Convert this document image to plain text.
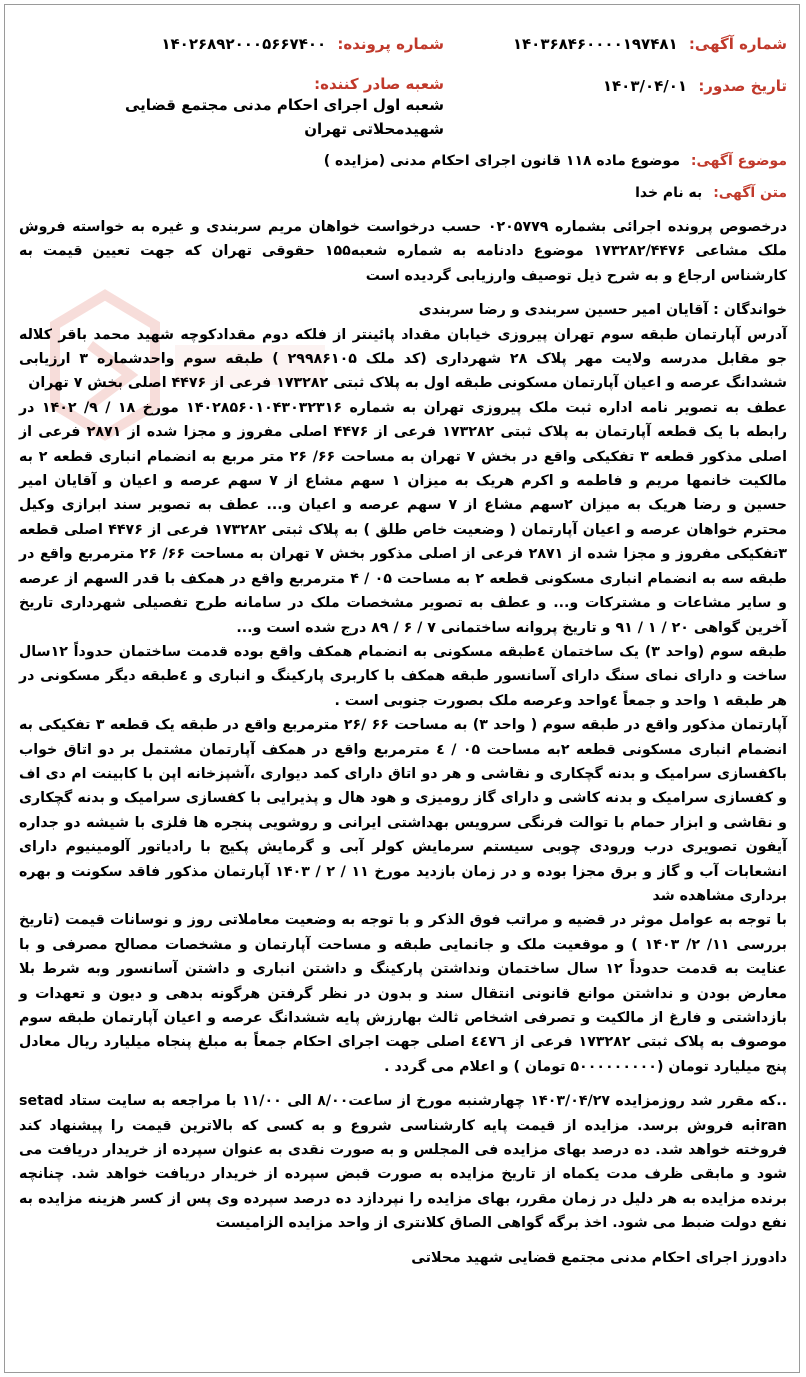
شماره آگهی: ۱۴۰۳۶۸۴۶۰۰۰۰۱۹۷۴۸۱
شماره پرونده: ۱۴۰۲۶۸۹۲۰۰۰۵۶۶۷۴۰۰
تاریخ صدور: ۱۴۰۳/۰۴/۰۱
شعبه صادر کننده: شعبه اول اجرای احکام مدنی مجتمع قضایی شهیدمحلاتی تهران
موضوع آگهی: موضوع ماده ۱۱۸ قانون اجرای احکام مدنی (مزایده )
متن آگهی: به نام خدا

درخصوص پرونده اجرائی بشماره ۰۲۰۵۷۷۹ حسب درخواست خواهان مریم سربندی و غیره به خواسته فروش ملک مشاعی ۱۷۳۲۸۲/۴۴۷۶ موضوع دادنامه به شماره شعبه۱۵۵ حقوقی تهران که جهت تعیین قیمت به کارشناس ارجاع و به شرح ذیل توصیف وارزیابی گردیده است

خواندگان : آقایان امیر حسین سربندی و رضا سربندی

آدرس آپارتمان طبقه سوم تهران پیروزی خیابان مقداد پائینتر از فلکه دوم مقدادکوچه شهید محمد باقر کلاله جو مقابل مدرسه ولایت مهر پلاک ۲۸ شهرداری (کد ملک ۲۹۹۸۶۱۰۵ ) طبقه سوم واحدشماره ۳ ارزیابی ششدانگ عرصه و اعیان آپارتمان مسکونی طبقه اول به پلاک ثبتی ۱۷۳۲۸۲ فرعی از ۴۴۷۶ اصلی بخش ۷ تهران

عطف به تصویر نامه اداره ثبت ملک پیروزی تهران به شماره ۱۴۰۲۸۵۶۰۱۰۴۳۰۳۲۳۱۶ مورخ ۱۸ / ۹/ ۱۴۰۲ در رابطه با یک قطعه آپارتمان به پلاک ثبتی ۱۷۳۲۸۲ فرعی از ۴۴۷۶ اصلی مفروز و مجزا شده از ۲۸۷۱ فرعی از اصلی مذکور قطعه ۳ تفکیکی واقع در بخش ۷ تهران به مساحت ۶۶/ ۲۶ متر مربع به انضمام انباری قطعه ۲ به مالکیت خانمها مریم و فاطمه و اکرم هریک به میزان ۱ سهم مشاع از ۷ سهم عرصه و اعیان و آقایان امیر حسین و رضا هریک به میزان ۲سهم مشاع از ۷ سهم عرصه و اعیان و... عطف به تصویر سند ابرازی وکیل محترم خواهان عرصه و اعیان آپارتمان ( وضعیت خاص طلق ) به پلاک ثبتی ۱۷۳۲۸۲ فرعی از ۴۴۷۶ اصلی قطعه ۳تفکیکی مفروز و مجزا شده از ۲۸۷۱ فرعی از اصلی مذکور بخش ۷ تهران به مساحت ۶۶/ ۲۶ مترمربع واقع در طبقه سه به انضمام انباری مسکونی قطعه ۲ به مساحت ۰۵ / ۴ مترمربع واقع در همکف با قدر السهم از عرصه و سایر مشاعات و مشترکات و... و عطف به تصویر مشخصات ملک در سامانه طرح تفصیلی شهرداری تاریخ آخرین گواهی ۲۰ / ۱ / ۹۱ و تاریخ پروانه ساختمانی ۷ / ۶ / ۸۹ درج شده است و...

طبقه سوم (واحد ۳) یک ساختمان ٤طبقه مسکونی به انضمام همکف واقع بوده قدمت ساختمان حدوداً ۱۲سال ساخت و دارای نمای سنگ دارای آسانسور طبقه همکف با کاربری پارکینگ و انباری و ٤طبقه دیگر مسکونی در هر طبقه ۱ واحد و جمعاً ٤واحد وعرصه ملک بصورت جنوبی است .

آپارتمان مذکور واقع در طبقه سوم ( واحد ۳) به مساحت ۶۶ /۲۶ مترمربع واقع در طبقه یک قطعه ۳ تفکیکی به انضمام انباری مسکونی قطعه ۲به مساحت ۰۵ / ٤ مترمربع واقع در همکف آپارتمان مشتمل بر دو اتاق خواب باکفسازی سرامیک و بدنه گچکاری و نقاشی و هر دو اتاق دارای کمد دیواری ،آشپزخانه اپن با کابینت ام دی اف و کفسازی سرامیک و بدنه کاشی و دارای گاز رومیزی و هود هال و پذیرایی با کفسازی سرامیک و بدنه گچکاری و نقاشی و ابزار حمام با توالت فرنگی سرویس بهداشتی ایرانی و روشویی پنجره ها فلزی با شیشه دو جداره آیفون تصویری درب ورودی چوبی سیستم سرمایش کولر آبی و گرمایش پکیج با رادیاتور آلومینیوم دارای انشعابات آب و گاز و برق مجزا بوده و در زمان بازدید مورخ ۱۱ / ۲ / ۱۴۰۳ آپارتمان مذکور فاقد سکونت و بهره برداری مشاهده شد

با توجه به عوامل موثر در قضیه و مراتب فوق الذکر و با توجه به وضعیت معاملاتی روز و نوسانات قیمت (تاریخ بررسی ۱۱/ ۲/ ۱۴۰۳ ) و موقعیت ملک و جانمایی طبقه و مساحت آپارتمان و مشخصات مصالح مصرفی و با عنایت به قدمت حدوداً ۱۲ سال ساختمان ونداشتن پارکینگ و داشتن انباری و داشتن آسانسور وبه شرط بلا معارض بودن و نداشتن موانع قانونی انتقال سند و بدون در نظر گرفتن هرگونه بدهی و دیون و تعهدات و بازداشتی و فارغ از مالکیت و تصرفی اشخاص ثالث بهارزش پایه ششدانگ عرصه و اعیان آپارتمان طبقه سوم موصوف به پلاک ثبتی ۱۷۳۲۸۲ فرعی از ٤٤٧٦ اصلی جهت اجرای احکام جمعاً به مبلغ پنجاه میلیارد ریال معادل پنج میلیارد تومان (۵۰۰۰۰۰۰۰۰۰ تومان ) و اعلام می گردد .

..که مقرر شد روزمزایده ۱۴۰۳/۰۴/۲۷ چهارشنبه مورخ از ساعت۸/۰۰ الی ۱۱/۰۰ با مراجعه به سایت ستاد setad iranبه فروش برسد. مزایده از قیمت پایه کارشناسی شروع و به کسی که بالاترین قیمت را پیشنهاد کند فروخته خواهد شد. ده درصد بهای مزایده فی المجلس و به صورت نقدی به عنوان سپرده از خریدار دریافت می شود و مابقی ظرف مدت یکماه از تاریخ مزایده به صورت قبض سپرده از خریدار دریافت خواهد شد. چنانچه برنده مزایده به هر دلیل در زمان مقرر، بهای مزایده را نپردازد ده درصد سپرده وی پس از کسر هزینه مزایده به نفع دولت ضبط می شود. اخذ برگه گواهی الصاق کلانتری از واحد مزایده الزامیست

دادورز اجرای احکام مدنی مجتمع قضایی شهید محلاتی
